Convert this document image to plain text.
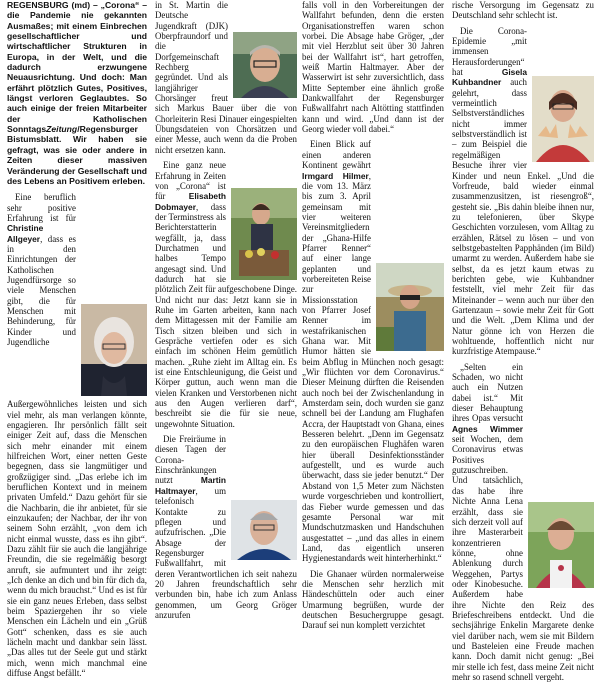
REGENSBURG (md) – „Corona“ – die Pandemie nie gekannten Ausmaßes; mit einem Einbrechen gesellschaftlicher und wirtschaftlicher Strukturen in Europa, in der Welt, und die dadurch erzwungene Neuausrichtung. Und doch: Man erfährt plötzlich Gutes, Positives, längst verloren Geglaubtes. So auch einige der freien Mitarbeiter der Katholischen SonntagsZeitung/Regensburger Bistumsblatt. Wir haben sie gefragt, was sie oder andere in Zeiten dieser massiven Veränderung der Gesellschaft und des Lebens an Positivem erleben.

Eine beruflich sehr positive Erfahrung ist für Christine Allgeyer, dass es in den Einrichtungen der Katholischen Jugendfürsorge so viele Menschen gibt, die für Menschen mit Behinderung, für Kinder und Jugendliche Außergewöhnliches leisten und sich viel mehr, als man verlangen könnte, engagieren. Ihr persönlich fällt seit einiger Zeit auf, dass die Menschen sich mehr einander mit einem hilfreichen Wort, einer netten Geste begegnen, dass sie langmütiger und großzügiger sind. „Das erlebe ich im beruflichen Kontext und in meinem privaten Umfeld.“ Dazu gehört für sie die Nachbarin, die ihr anbietet, für sie einzukaufen; der Nachbar, der ihr von seinem Sohn erzählt, „von dem ich nicht einmal wusste, dass es ihn gibt“. Dazu zählt für sie auch die langjährige Freundin, die sie regelmäßig besorgt anruft, sie aufmuntert und ihr zeigt: „Ich denke an dich und bin für dich da, wenn du mich brauchst.“ Und es ist für sie ein ganz neues Erleben, dass selbst beim Spaziergehen ihr so viele Menschen ein Lächeln und ein „Grüß Gott“ schenken, dass es sie auch lächeln macht und dankbar sein lässt. „Das alles tut der Seele gut und stärkt mich, wenn mich manchmal eine diffuse Angst befällt.“

in St. Martin die Deutsche Jugendkraft (DJK) Oberpfraundorf und die Dorfgemeinschaft Rechberg gegründet. Und als langjähriger Chorsänger freut sich Markus Bauer über die von Chorleiterin Resi Dinauer eingespielten Übungsdateien von Chorsätzen und einer Messe, auch wenn da die Proben nicht ersetzen kann.

Eine ganz neue Erfahrung in Zeiten von „Corona“ ist für	Elisabeth Dobmayer, dass der Terminstress als Berichterstatterin wegfällt, ja, dass Durchatmen und halbes Tempo angesagt sind. Und dadurch hat sie plötzlich Zeit für aufgeschobene Dinge. Und nicht nur das: Jetzt kann sie in Ruhe im Garten arbeiten, kann nach dem Mittagessen mit der Familie am Tisch sitzen bleiben und sich in Gespräche vertiefen oder es sich einfach im schönen Heim gemütlich machen. „Ruhe zieht im Alltag ein. Es ist eine Entschleunigung, die Geist und Körper guttun, auch wenn man die vielen Kranken und Verstorbenen nicht aus den Augen verlieren darf“, beschreibt sie die für sie neue, ungewohnte Situation.

Die Freiräume in diesen Tagen der Corona-Einschränkungen nutzt	Martin Haltmayer, um telefonisch Kontakte zu pflegen und aufzufrischen. „Die Absage der Regensburger Fußwallfahrt, mit deren Verantwortlichen ich seit nahezu 20 Jahren freundschaftlich sehr verbunden bin, habe ich zum Anlass genommen, um Georg Gröger anzurufen

falls voll in den Vorbereitungen der Wallfahrt befunden, denn die ersten Organisationstreffen waren schon vorbei. Die Absage habe Gröger, „der mit viel Herzblut seit über 30 Jahren bei der Wallfahrt ist“, hart getroffen, weiß Martin Haltmayer. Aber der Wasserwirt ist sehr zuversichtlich, dass Mitte September eine ähnlich große Dankwallfahrt der Regensburger Fußwallfahrt nach Altötting stattfinden kann und wird. „Und dann ist der Georg wieder voll dabei.“

Einen Blick auf einen anderen Kontinent gewährt Irmgard Hilmer, die vom 13. März bis zum 3. April gemeinsam mit vier weiteren Vereinsmitgliedern der „Ghana-Hilfe Pfarrer Renner“ auf einer lange geplanten und vorbereiteten Reise zur Missionsstation von Pfarrer Josef Renner im westafrikanischen Ghana war. Mit Humor hätten sie beim Abflug in München noch gesagt: „Wir flüchten vor dem Coronavirus.“ Dieser Meinung dürften die Reisenden auch noch bei der Zwischenlandung in Amsterdam sein, doch wurden sie ganz schnell bei der Landung am Flughafen Accra, der Hauptstadt von Ghana, eines Besseren belehrt. „Denn im Gegensatz zu den europäischen Flughäfen waren hier überall Desinfektionsständer aufgestellt, und es wurde auch überwacht, dass sie jeder benutzt.“ Der Abstand von 1,5 Meter zum Nächsten wurde vorgeschrieben und kontrolliert, das Fieber wurde gemessen und das gesamte Personal war mit Mundschutzmasken und Handschuhen ausgestattet – „und das alles in einem Land, das eigentlich unseren Hygienestandards weit hinterherhinkt.“

Die Ghanaer würden normalerweise die Menschen sehr herzlich mit Händeschütteln oder auch einer Umarmung begrüßen, wurde der deutschen Besuchergruppe gesagt. Darauf sei nun komplett verzichtet

rische Versorgung im Gegensatz zu Deutschland sehr schlecht ist.

Die Corona-Epidemie „mit immensen Herausforderungen“ hat	Gisela Kuhbandner auch gelehrt, dass vermeintlich Selbstverständliches nicht immer selbstverständlich ist – zum Beispiel die regelmäßigen Besuche ihrer vier Kinder und neun Enkel. „Und die Vorfreude, bald wieder einmal zusammenzusitzen, ist riesengroß“, gesteht sie. „Bis dahin bleibe ihnen nur, zu telefonieren, über Skype Geschichten vorzulesen, vom Alltag zu erzählen, Rätsel zu lösen – und von selbstgebastelten Papphänden (im Bild) umarmt zu werden. Außerdem habe sie selbst, da es jetzt kaum etwas zu berichten gebe, wie Kuhbandner feststellt, viel mehr Zeit für das Miteinander – wenn auch nur über den Gartenzaun – sowie mehr Zeit für Gott und die Welt. „Dem Klima und der Natur gönne ich von Herzen die wohltuende, hoffentlich nicht nur kurzfristige Atempause.“

„Selten ein Schaden, wo nicht auch ein Nutzen dabei ist.“ Mit dieser Behauptung ihres Opas versucht Agnes Wimmer seit Wochen, dem Coronavirus etwas Positives gutzuschreiben. Und tatsächlich, das habe ihre Nichte Anna Lena erzählt, dass sie sich derzeit voll auf ihre Masterarbeit konzentrieren könne, ohne Ablenkung durch Weggehen, Partys oder Kinobesuche. Außerdem habe ihre Nichte den Reiz des Briefeschreibens entdeckt. Und die sechsjährige Enkelin Margarete denke viel darüber nach, wem sie mit Bildern und Basteleien eine Freude machen kann. Doch damit nicht genug: „Bei mir stelle ich fest, dass meine Zeit nicht mehr so rasend schnell vergeht.
